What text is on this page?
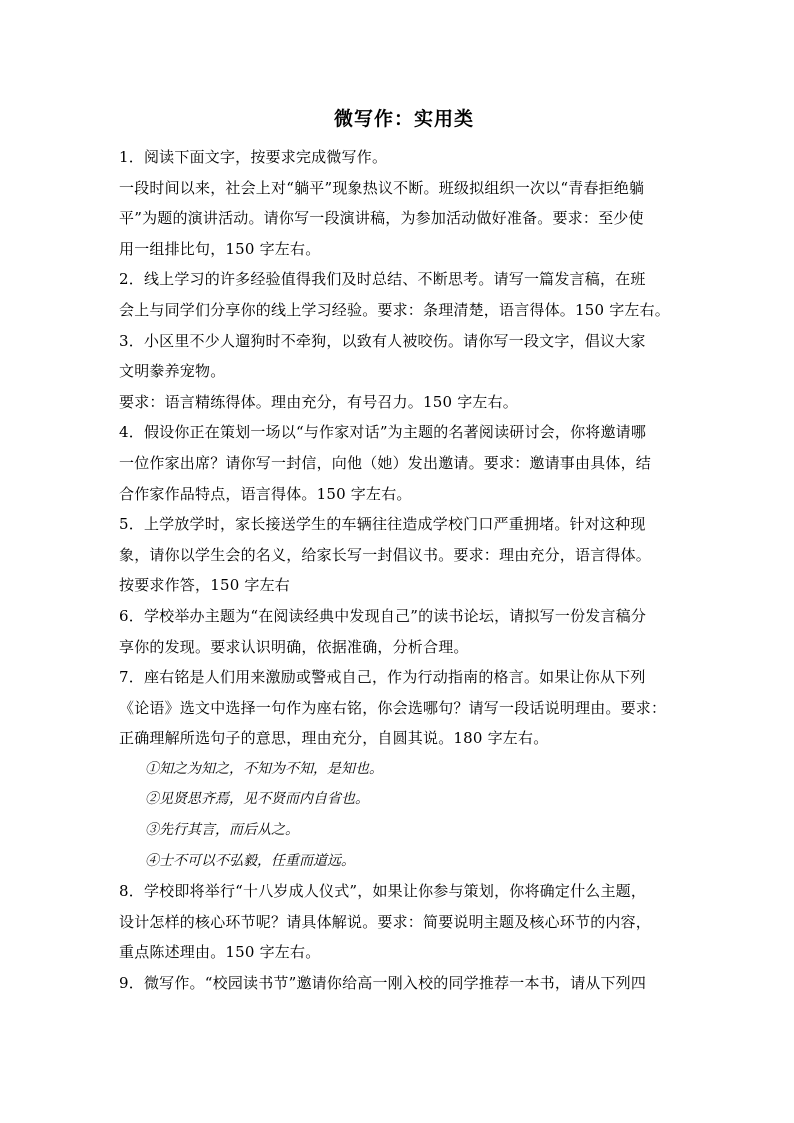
微写作：实用类
1．阅读下面文字，按要求完成微写作。
一段时间以来，社会上对“躺平”现象热议不断。班级拟组织一次以“青春拒绝躺
平”为题的演讲活动。请你写一段演讲稿，为参加活动做好准备。要求：至少使
用一组排比句，150 字左右。
2．线上学习的许多经验值得我们及时总结、不断思考。请写一篇发言稿，在班
会上与同学们分享你的线上学习经验。要求：条理清楚，语言得体。150 字左右。
3．小区里不少人遛狗时不牵狗，以致有人被咬伤。请你写一段文字，倡议大家
文明豢养宠物。
要求：语言精练得体。理由充分，有号召力。150 字左右。
4．假设你正在策划一场以“与作家对话”为主题的名著阅读研讨会，你将邀请哪
一位作家出席？请你写一封信，向他（她）发出邀请。要求：邀请事由具体，结
合作家作品特点，语言得体。150 字左右。
5．上学放学时，家长接送学生的车辆往往造成学校门口严重拥堵。针对这种现
象，请你以学生会的名义，给家长写一封倡议书。要求：理由充分，语言得体。
按要求作答，150 字左右
6．学校举办主题为“在阅读经典中发现自己”的读书论坛，请拟写一份发言稿分
享你的发现。要求认识明确，依据准确，分析合理。
7．座右铭是人们用来激励或警戒自己，作为行动指南的格言。如果让你从下列
《论语》选文中选择一句作为座右铭，你会选哪句？请写一段话说明理由。要求：
正确理解所选句子的意思，理由充分，自圆其说。180 字左右。
①知之为知之，不知为不知，是知也。
②见贤思齐焉，见不贤而内自省也。
③先行其言，而后从之。
④士不可以不弘毅，任重而道远。
8．学校即将举行“十八岁成人仪式”，如果让你参与策划，你将确定什么主题，
设计怎样的核心环节呢？请具体解说。要求：简要说明主题及核心环节的内容，
重点陈述理由。150 字左右。
9．微写作。“校园读书节”邀请你给高一刚入校的同学推荐一本书，请从下列四
